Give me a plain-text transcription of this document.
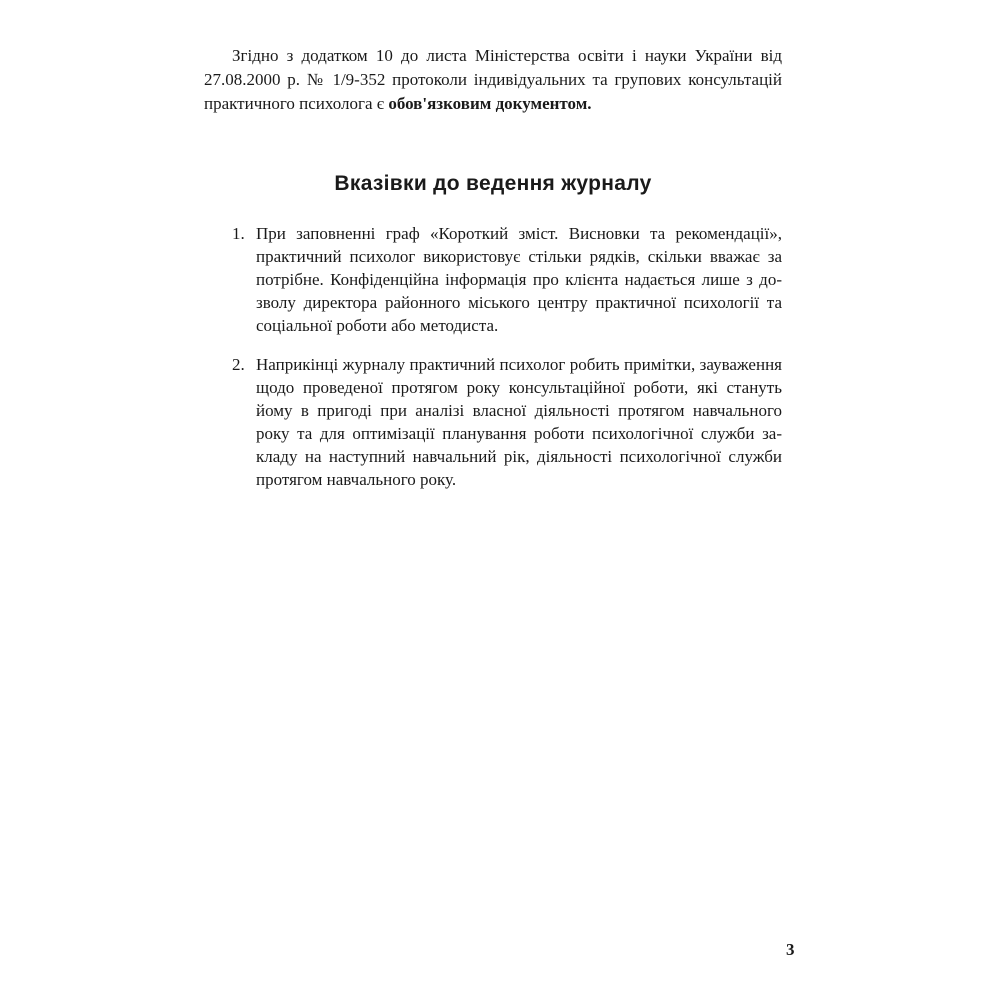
Згідно з додатком 10 до листа Міністерства освіти і науки України від 27.08.2000 р. № 1/9-352 протоколи індивідуальних та групових консультацій практичного психолога є обов'язковим документом.

Вказівки до ведення журналу
1. При заповненні граф «Короткий зміст. Висновки та рекомендації», практичний психолог використовує стільки рядків, скільки вважає за потрібне. Конфіденційна інформація про клієнта надається лише з дозволу директора районного міського центру практичної психології та соціальної роботи або методиста.
2. Наприкінці журналу практичний психолог робить примітки, зауваження щодо проведеної протягом року консультаційної роботи, які стануть йому в пригоді при аналізі власної діяльності протягом навчального року та для оптимізації планування роботи психологічної служби закладу на наступний навчальний рік, діяльності психологічної служби протягом навчального року.
3
